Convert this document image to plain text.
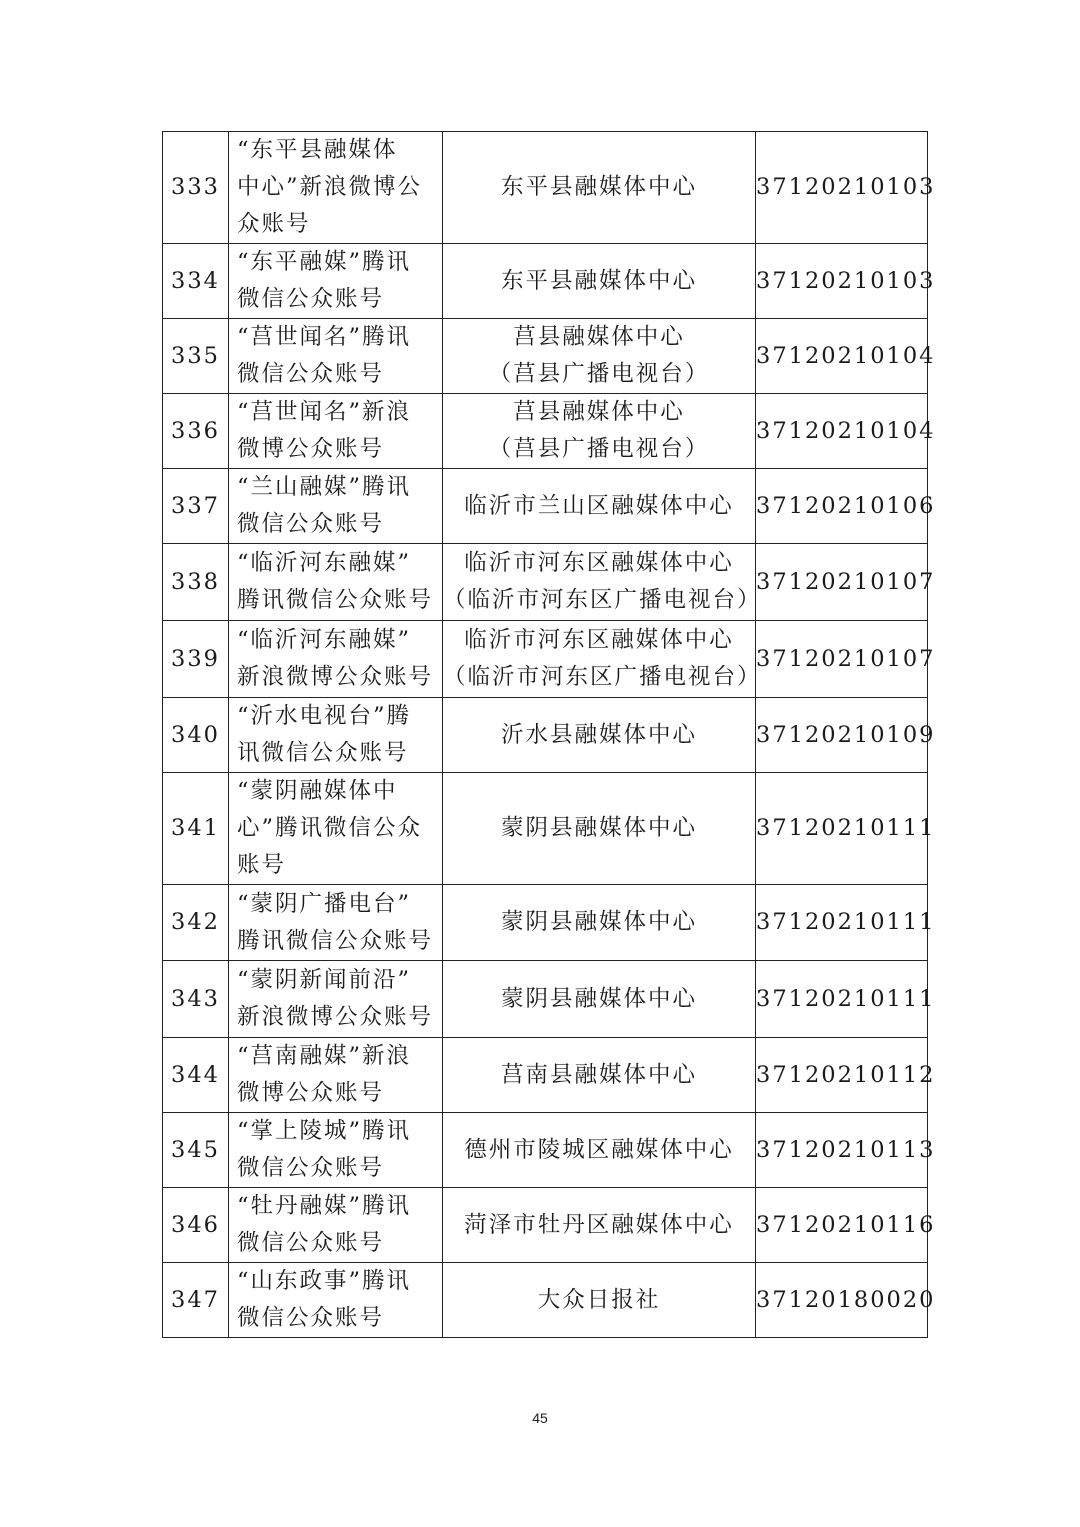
333	“东平县融媒体
中心”新浪微博公
众账号	东平县融媒体中心	37120210103
334	“东平融媒”腾讯
微信公众账号	东平县融媒体中心	37120210103
335	“莒世闻名”腾讯
微信公众账号	莒县融媒体中心
（莒县广播电视台）	37120210104
336	“莒世闻名”新浪
微博公众账号	莒县融媒体中心
（莒县广播电视台）	37120210104
337	“兰山融媒”腾讯
微信公众账号	临沂市兰山区融媒体中心	37120210106
338	“临沂河东融媒”
腾讯微信公众账号	临沂市河东区融媒体中心
（临沂市河东区广播电视台）	37120210107
339	“临沂河东融媒”
新浪微博公众账号	临沂市河东区融媒体中心
（临沂市河东区广播电视台）	37120210107
340	“沂水电视台”腾
讯微信公众账号	沂水县融媒体中心	37120210109
341	“蒙阴融媒体中
心”腾讯微信公众
账号	蒙阴县融媒体中心	37120210111
342	“蒙阴广播电台”
腾讯微信公众账号	蒙阴县融媒体中心	37120210111
343	“蒙阴新闻前沿”
新浪微博公众账号	蒙阴县融媒体中心	37120210111
344	“莒南融媒”新浪
微博公众账号	莒南县融媒体中心	37120210112
345	“掌上陵城”腾讯
微信公众账号	德州市陵城区融媒体中心	37120210113
346	“牡丹融媒”腾讯
微信公众账号	菏泽市牡丹区融媒体中心	37120210116
347	“山东政事”腾讯
微信公众账号	大众日报社	37120180020
45
